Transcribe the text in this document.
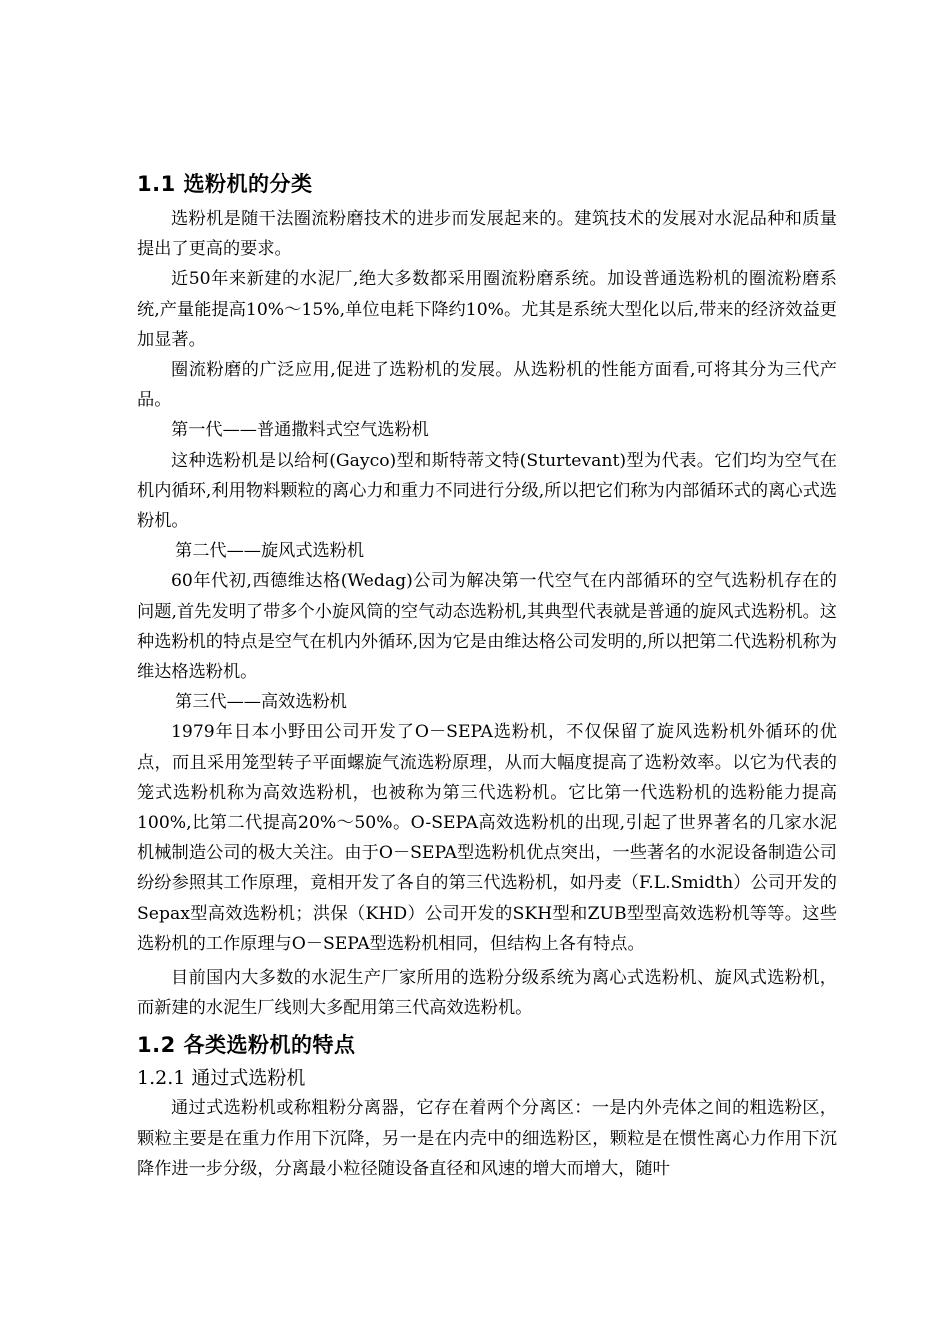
1.1 选粉机的分类

选粉机是随干法圈流粉磨技术的进步而发展起来的。建筑技术的发展对水泥品种和质量提出了更高的要求。

近50年来新建的水泥厂,绝大多数都采用圈流粉磨系统。加设普通选粉机的圈流粉磨系统,产量能提高10%～15%,单位电耗下降约10%。尤其是系统大型化以后,带来的经济效益更加显著。

圈流粉磨的广泛应用,促进了选粉机的发展。从选粉机的性能方面看,可将其分为三代产品。

第一代——普通撒料式空气选粉机

这种选粉机是以给柯(Gayco)型和斯特蒂文特(Sturtevant)型为代表。它们均为空气在机内循环,利用物料颗粒的离心力和重力不同进行分级,所以把它们称为内部循环式的离心式选粉机。

第二代——旋风式选粉机

60年代初,西德维达格(Wedag)公司为解决第一代空气在内部循环的空气选粉机存在的问题,首先发明了带多个小旋风筒的空气动态选粉机,其典型代表就是普通的旋风式选粉机。这种选粉机的特点是空气在机内外循环,因为它是由维达格公司发明的,所以把第二代选粉机称为维达格选粉机。

第三代——高效选粉机

1979年日本小野田公司开发了O－SEPA选粉机，不仅保留了旋风选粉机外循环的优点，而且采用笼型转子平面螺旋气流选粉原理，从而大幅度提高了选粉效率。以它为代表的笼式选粉机称为高效选粉机，也被称为第三代选粉机。它比第一代选粉机的选粉能力提高100%,比第二代提高20%～50%。O-SEPA高效选粉机的出现,引起了世界著名的几家水泥机械制造公司的极大关注。由于O－SEPA型选粉机优点突出，一些著名的水泥设备制造公司纷纷参照其工作原理，竟相开发了各自的第三代选粉机，如丹麦（F.L.Smidth）公司开发的Sepax型高效选粉机；洪保（KHD）公司开发的SKH型和ZUB型型高效选粉机等等。这些选粉机的工作原理与O－SEPA型选粉机相同，但结构上各有特点。

目前国内大多数的水泥生产厂家所用的选粉分级系统为离心式选粉机、旋风式选粉机，而新建的水泥生厂线则大多配用第三代高效选粉机。

1.2 各类选粉机的特点
1.2.1 通过式选粉机

通过式选粉机或称粗粉分离器，它存在着两个分离区：一是内外壳体之间的粗选粉区，颗粒主要是在重力作用下沉降，另一是在内壳中的细选粉区，颗粒是在惯性离心力作用下沉降作进一步分级，分离最小粒径随设备直径和风速的增大而增大，随叶
